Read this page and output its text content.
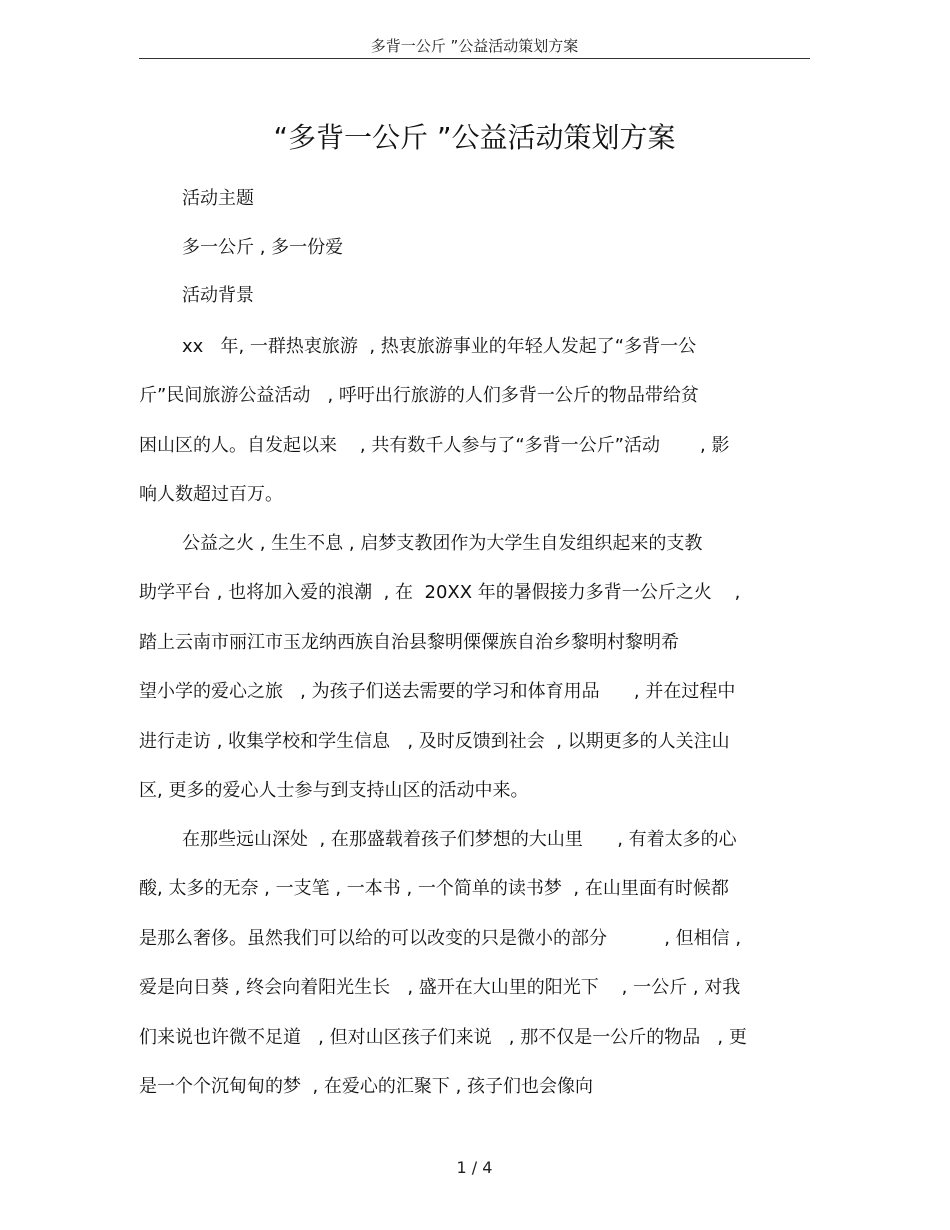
多背一公斤 ”公益活动策划方案
“多背一公斤 ”公益活动策划方案
活动主题
多一公斤 , 多一份爱
活动背景
xx   年, 一群热衷旅游  , 热衷旅游事业的年轻人发起了“多背一公
斤”民间旅游公益活动   , 呼吁出行旅游的人们多背一公斤的物品带给贫
困山区的人。自发起以来    , 共有数千人参与了“多背一公斤”活动       , 影
响人数超过百万。
公益之火 , 生生不息 , 启梦支教团作为大学生自发组织起来的支教
助学平台 , 也将加入爱的浪潮  , 在  20XX 年的暑假接力多背一公斤之火    ,
踏上云南市丽江市玉龙纳西族自治县黎明傈僳族自治乡黎明村黎明希
望小学的爱心之旅   , 为孩子们送去需要的学习和体育用品      , 并在过程中
进行走访 , 收集学校和学生信息   , 及时反馈到社会  , 以期更多的人关注山
区, 更多的爱心人士参与到支持山区的活动中来。
在那些远山深处  , 在那盛载着孩子们梦想的大山里      , 有着太多的心
酸, 太多的无奈 , 一支笔 , 一本书 , 一个简单的读书梦  , 在山里面有时候都
是那么奢侈。虽然我们可以给的可以改变的只是微小的部分          , 但相信 ,
爱是向日葵 , 终会向着阳光生长   , 盛开在大山里的阳光下    , 一公斤 , 对我
们来说也许微不足道   , 但对山区孩子们来说   , 那不仅是一公斤的物品   , 更
是一个个沉甸甸的梦  , 在爱心的汇聚下 , 孩子们也会像向
1 / 4
